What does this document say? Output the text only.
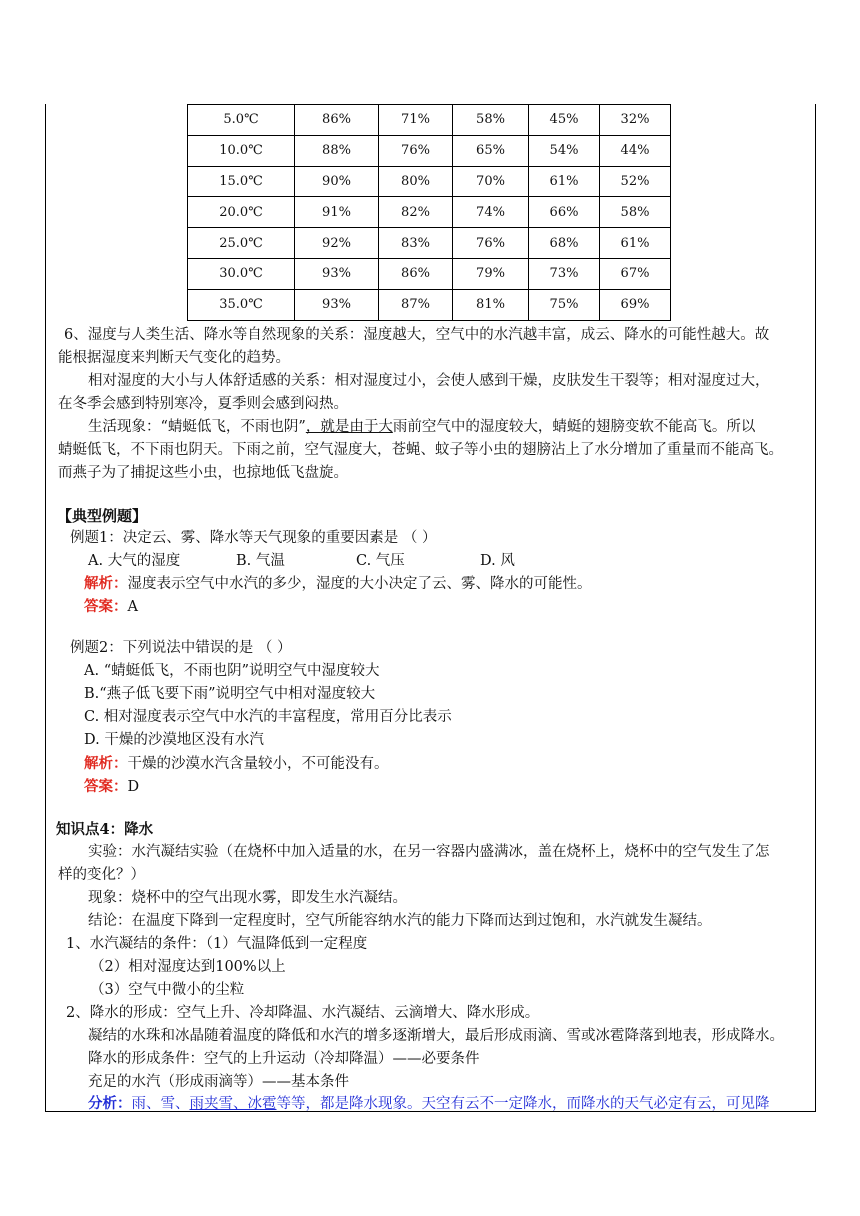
5.0℃	86%	71%	58%	45%	32%
10.0℃	88%	76%	65%	54%	44%
15.0℃	90%	80%	70%	61%	52%
20.0℃	91%	82%	74%	66%	58%
25.0℃	92%	83%	76%	68%	61%
30.0℃	93%	86%	79%	73%	67%
35.0℃	93%	87%	81%	75%	69%
6、湿度与人类生活、降水等自然现象的关系：湿度越大，空气中的水汽越丰富，成云、降水的可能性越大。故
能根据湿度来判断天气变化的趋势。
相对湿度的大小与人体舒适感的关系：相对湿度过小，会使人感到干燥，皮肤发生干裂等；相对湿度过大，
在冬季会感到特别寒冷，夏季则会感到闷热。
生活现象：“蜻蜓低飞，不雨也阴”，就是由于大雨前空气中的湿度较大，蜻蜓的翅膀变软不能高飞。所以
蜻蜓低飞，不下雨也阴天。下雨之前，空气湿度大，苍蝇、蚊子等小虫的翅膀沾上了水分增加了重量而不能高飞。
而燕子为了捕捉这些小虫，也掠地低飞盘旋。
【典型例题】
例题1：决定云、雾、降水等天气现象的重要因素是 （ ）
A. 大气的湿度	B. 气温	C. 气压	D. 风
解析：湿度表示空气中水汽的多少，湿度的大小决定了云、雾、降水的可能性。
答案：A
例题2：下列说法中错误的是 （ ）
A. “蜻蜓低飞，不雨也阴”说明空气中湿度较大
B.“燕子低飞要下雨”说明空气中相对湿度较大
C. 相对湿度表示空气中水汽的丰富程度，常用百分比表示
D. 干燥的沙漠地区没有水汽
解析：干燥的沙漠水汽含量较小，不可能没有。
答案：D
知识点4：降水
实验：水汽凝结实验（在烧杯中加入适量的水，在另一容器内盛满冰，盖在烧杯上，烧杯中的空气发生了怎
样的变化？）
现象：烧杯中的空气出现水雾，即发生水汽凝结。
结论：在温度下降到一定程度时，空气所能容纳水汽的能力下降而达到过饱和，水汽就发生凝结。
1、水汽凝结的条件：（1）气温降低到一定程度
（2）相对湿度达到100%以上
（3）空气中微小的尘粒
2、降水的形成：空气上升、冷却降温、水汽凝结、云滴增大、降水形成。
凝结的水珠和冰晶随着温度的降低和水汽的增多逐渐增大，最后形成雨滴、雪或冰雹降落到地表，形成降水。
降水的形成条件：空气的上升运动（冷却降温）——必要条件
充足的水汽（形成雨滴等）——基本条件
分析：雨、雪、雨夹雪、冰雹等等，都是降水现象。天空有云不一定降水，而降水的天气必定有云，可见降
